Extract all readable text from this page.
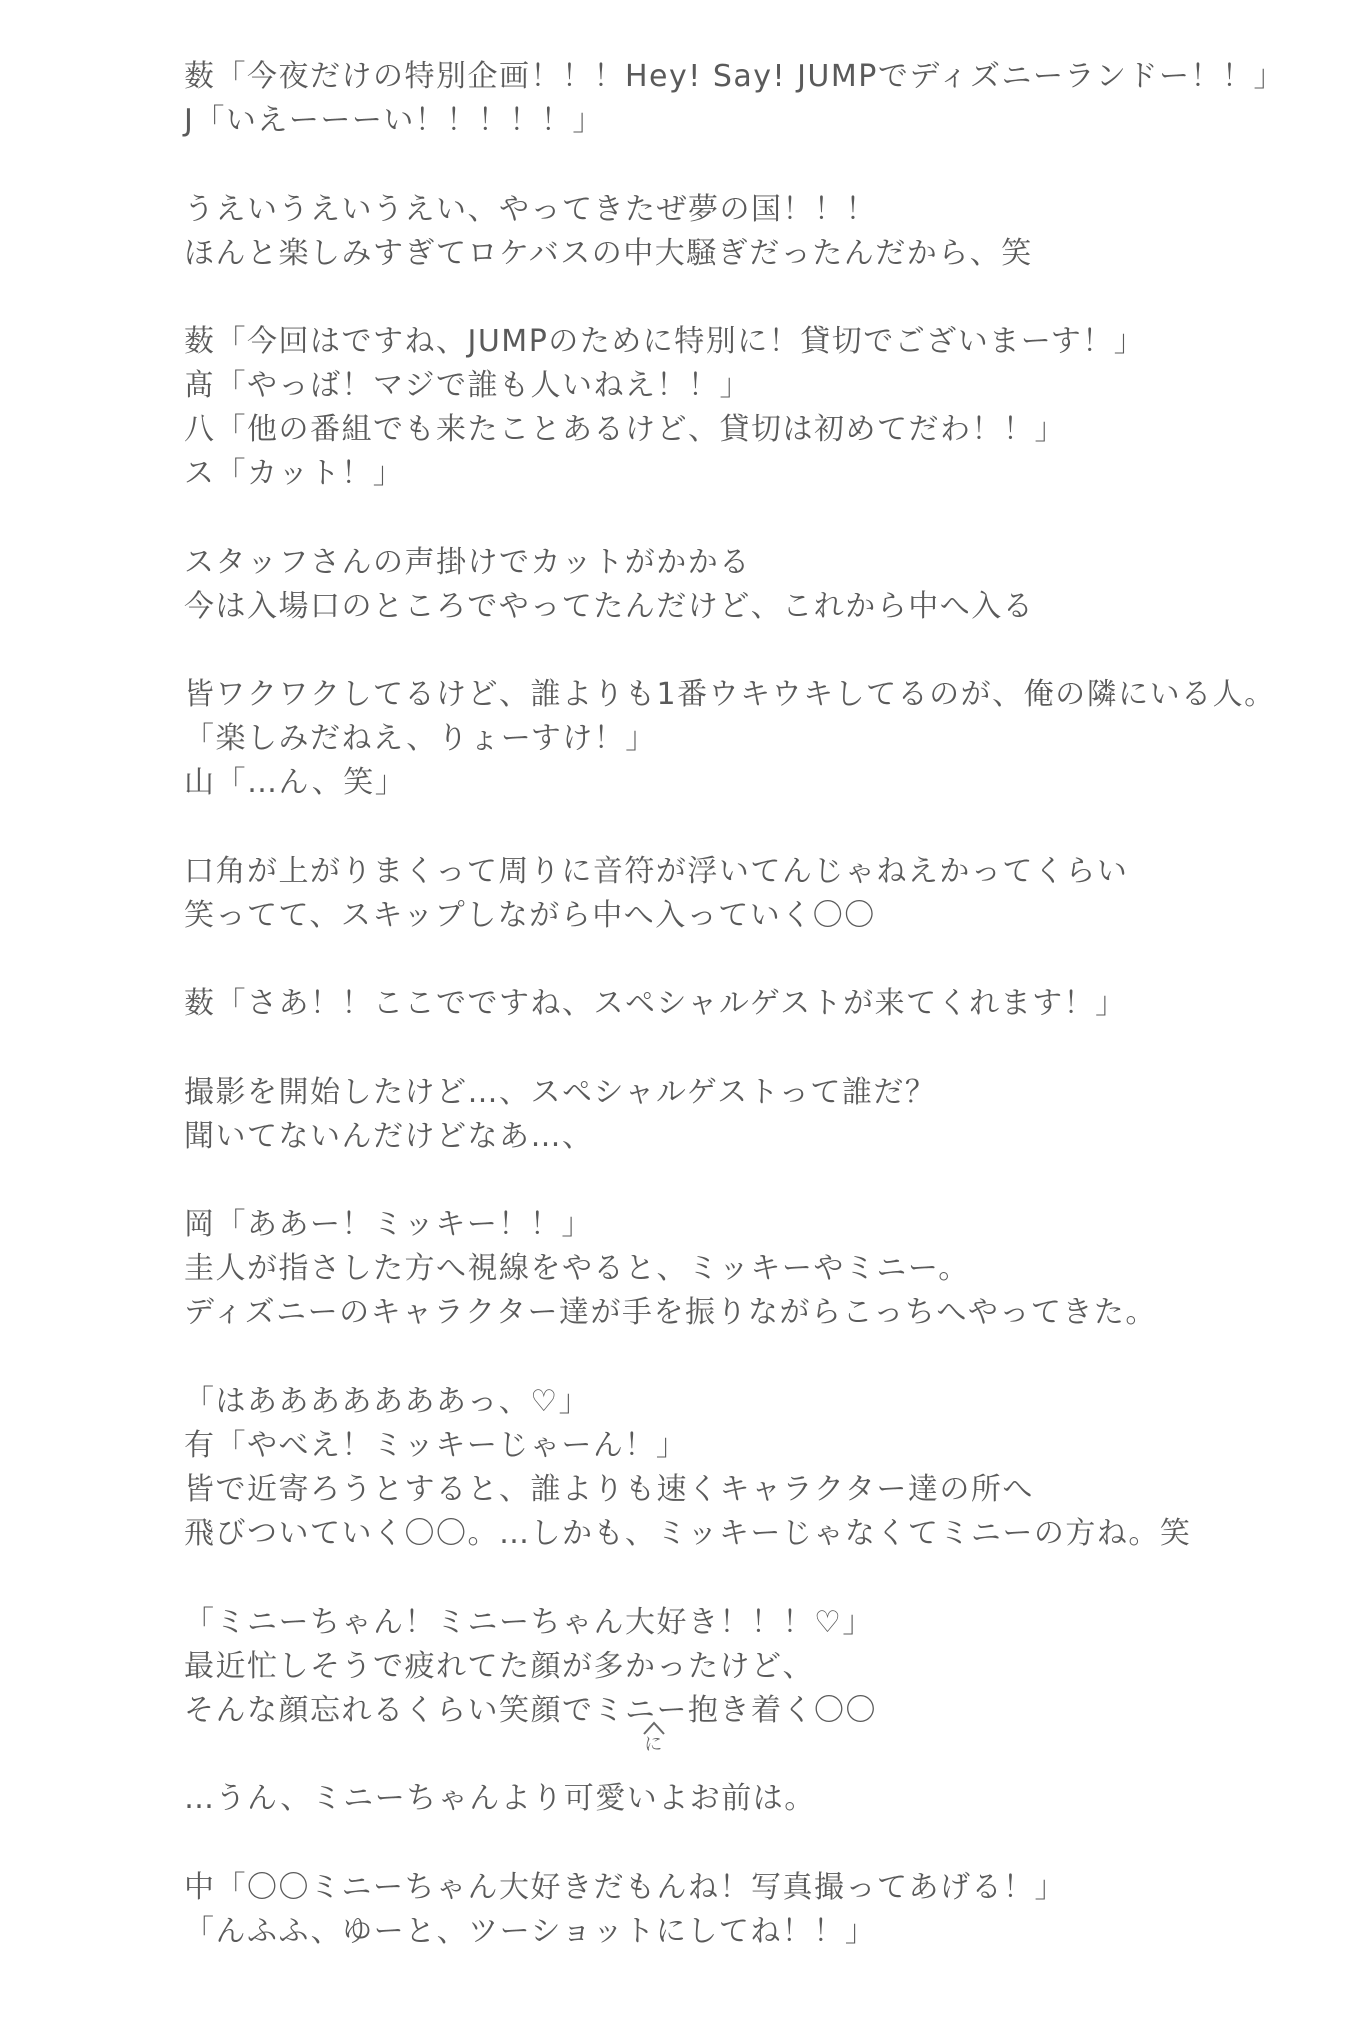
薮「今夜だけの特別企画！！！Hey! Say! JUMPでディズニーランドー！！」
J「いえーーーい！！！！！」
うえいうえいうえい、やってきたぜ夢の国！！！
ほんと楽しみすぎてロケバスの中大騒ぎだったんだから、笑
薮「今回はですね、JUMPのために特別に！貸切でございまーす！」
髙「やっば！マジで誰も人いねえ！！」
八「他の番組でも来たことあるけど、貸切は初めてだわ！！」
ス「カット！」
スタッフさんの声掛けでカットがかかる
今は入場口のところでやってたんだけど、これから中へ入る
皆ワクワクしてるけど、誰よりも1番ウキウキしてるのが、俺の隣にいる人。
「楽しみだねえ、りょーすけ！」
山「…ん、笑」
口角が上がりまくって周りに音符が浮いてんじゃねえかってくらい
笑ってて、スキップしながら中へ入っていく〇〇
薮「さあ！！ここでですね、スペシャルゲストが来てくれます！」
撮影を開始したけど…、スペシャルゲストって誰だ？
聞いてないんだけどなあ…、
岡「ああー！ミッキー！！」
圭人が指さした方へ視線をやると、ミッキーやミニー。
ディズニーのキャラクター達が手を振りながらこっちへやってきた。
「はあああああああっ、♡」
有「やべえ！ミッキーじゃーん！」
皆で近寄ろうとすると、誰よりも速くキャラクター達の所へ
飛びついていく〇〇。…しかも、ミッキーじゃなくてミニーの方ね。笑
「ミニーちゃん！ミニーちゃん大好き！！！♡」
最近忙しそうで疲れてた顔が多かったけど、
そんな顔忘れるくらい笑顔でミニー抱き着く〇〇
に
…うん、ミニーちゃんより可愛いよお前は。
中「〇〇ミニーちゃん大好きだもんね！写真撮ってあげる！」
「んふふ、ゆーと、ツーショットにしてね！！」
